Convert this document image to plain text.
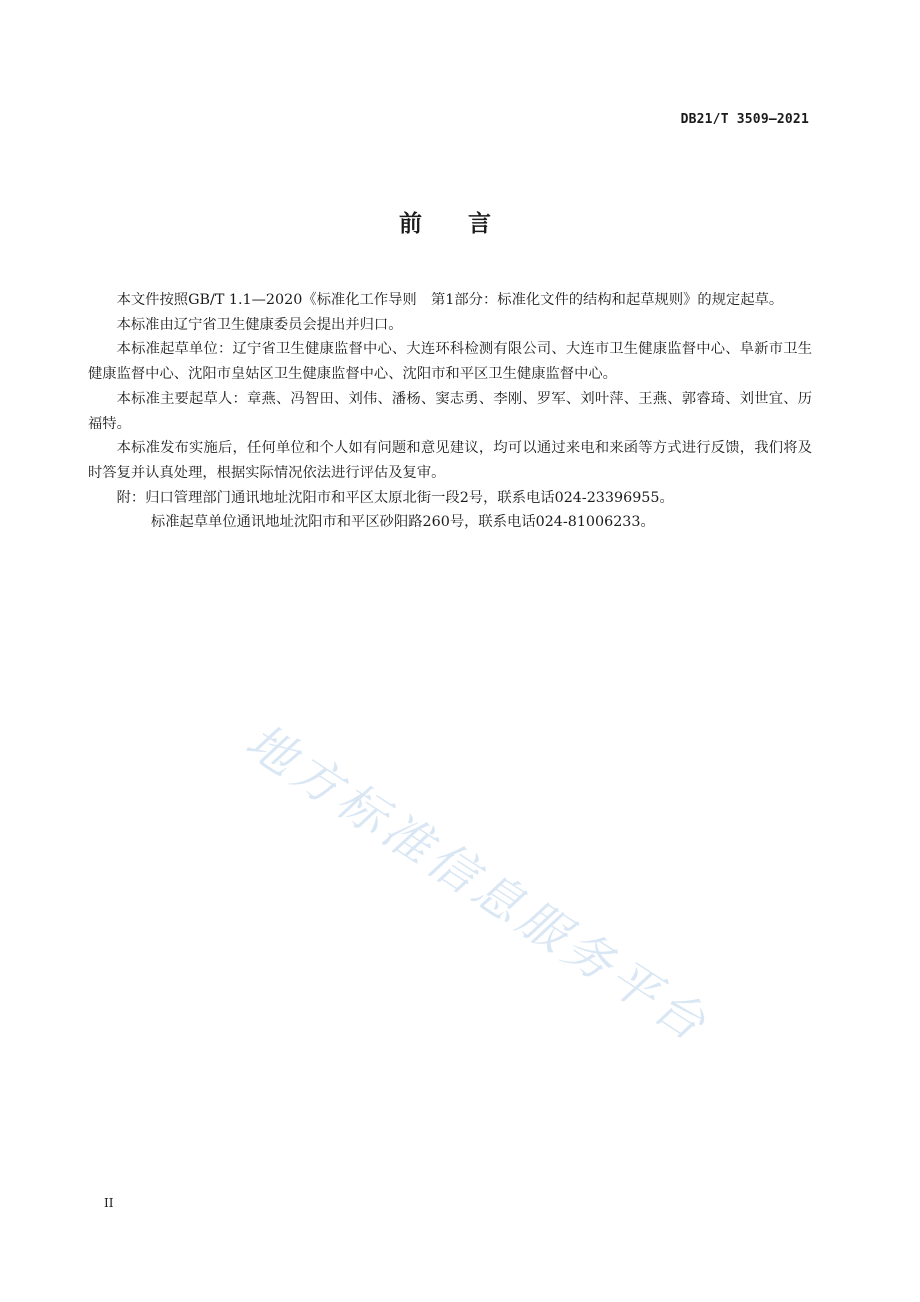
DB21/T 3509—2021
前 言

本文件按照GB/T 1.1—2020《标准化工作导则　第1部分：标准化文件的结构和起草规则》的规定起草。

本标准由辽宁省卫生健康委员会提出并归口。

本标准起草单位：辽宁省卫生健康监督中心、大连环科检测有限公司、大连市卫生健康监督中心、阜新市卫生健康监督中心、沈阳市皇姑区卫生健康监督中心、沈阳市和平区卫生健康监督中心。

本标准主要起草人：章燕、冯智田、刘伟、潘杨、窦志勇、李刚、罗军、刘叶萍、王燕、郭睿琦、刘世宜、历福特。

本标准发布实施后，任何单位和个人如有问题和意见建议，均可以通过来电和来函等方式进行反馈，我们将及时答复并认真处理，根据实际情况依法进行评估及复审。

附：归口管理部门通讯地址沈阳市和平区太原北街一段2号，联系电话024-23396955。

标准起草单位通讯地址沈阳市和平区砂阳路260号，联系电话024-81006233。

地方标准信息服务平台
II
